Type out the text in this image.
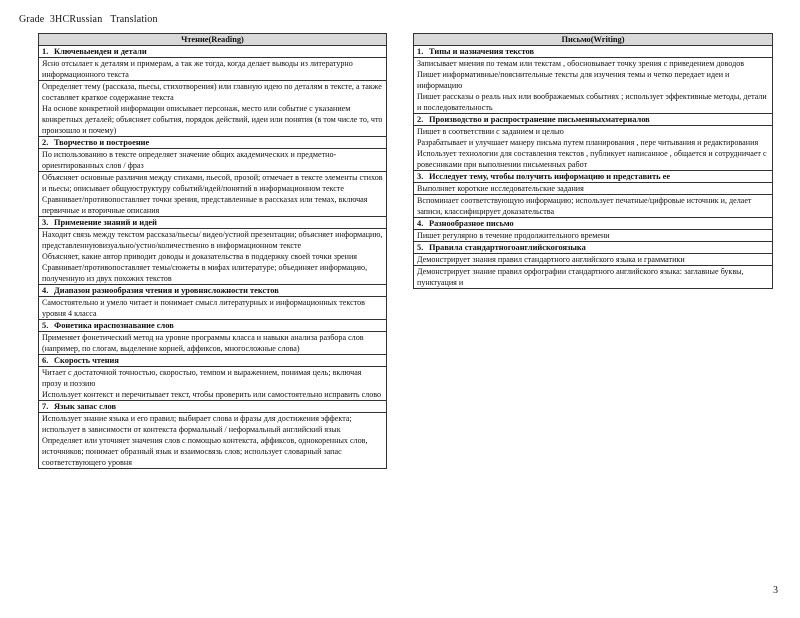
Grade  3HCRussian   Translation
Чтение(Reading)
1. Ключевыеиден и детали

Ясно отсылает к деталям и примерам, а так же тогда, когда делает выводы из литературно информационного текста

Определяет тему (рассказа, пьесы, стихотворения) или главную идею по деталям в тексте, а также составляет краткое содержание текста
На основе конкретной информации описывает персонаж, место или событие с указанием конкретных деталей; объясняет события, порядок действий, идеи или понятия (в том числе то, что произошло и почему)

2. Творчество и построение

По использованию в тексте определяет значение общих академических и предметно-ориентированных слов / фраз

Объясняет основные различия между стихами, пьесой, прозой; отмечает в тексте элементы стихов и пьесы; описывает общуюструктуру событий/идей/понятий в информационном тексте
Сравнивает/противопоставляет точки зрения, представленные в рассказах или темах, включая первичные и вторичные описания

3. Применение знаний и идей

Находит связь между текстом рассказа/пьесы/ видео/устной презентации; объясняет информацию, представленнуювизуально/устно/количественно в информационном тексте
Объясняет, какие автор приводит доводы и доказательства в поддержку своей точки зрения
Сравнивает/противопоставляет темы/сюжеты в мифах илитературе; объединяет информацию, полученную из двух похожих текстов

4. Диапазон разнообразия чтения и уровнясложности текстов

Самостоятельно и умело читает и понимает смысл литературных и информационных текстов уровня 4 класса

5. Фонетика ираспознавание слов

Применяет фонетический метод на уровне программы класса и навыки анализа разбора слов (например, по слогам, выделение корней, аффиксов, многосложные слова)

6. Скорость чтения

Читает с достаточной точностью, скоростью, темпом и выражением, понимая цель; включая прозу и поэзию
Использует контекст и перечитывает текст, чтобы проверить или самостоятельно исправить слово

7. Язык запас слов

Использует знание языка и его правил; выбирает слова и фразы для достижения эффекта; использует в зависимости от контекста формальный / неформальный английский язык
Определяет или уточняет значения слов с помощью контекста, аффиксов, однокоренных слов, источников; понимает образный язык и взаимосвязь слов; использует словарный запас соответствующего уровня
Письмо(Writing)
1. Типы и назначения текстов

Записывает мнения по темам или текстам , обосновывает точку зрения с приведением доводов
Пишет информативные/пояснительные тексты для изучения темы и четко передает идеи и информацию
Пишет рассказы о реаль ных или воображаемых событиях ; использует эффективные методы, детали и последовательность

2. Производство и распространение письменныхматериалов

Пишет в соответствии с заданием и целью
Разрабатывает и улучшает манеру письма путем планирования , пере читывания и редактирования
Использует технологии для составления текстов , публикует написанное , общается и сотрудничает с ровесниками при выполнении письменных работ

3. Исследует тему, чтобы получить информацию и представить ее

Выполняет короткие исследовательские задания

Вспоминает соответствующую информацию; использует печатные/цифровые источник и, делает записи, классифицирует доказательства

4. Разнообразное письмо

Пишет регулярно в течение продолжительного времени

5. Правила стандартногоанглийскогоязыка

Демонстрирует знания правил стандартного английского языка и грамматики

Демонстрирует знание правил орфографии стандартного английского языка: заглавные буквы, пунктуация и
3
